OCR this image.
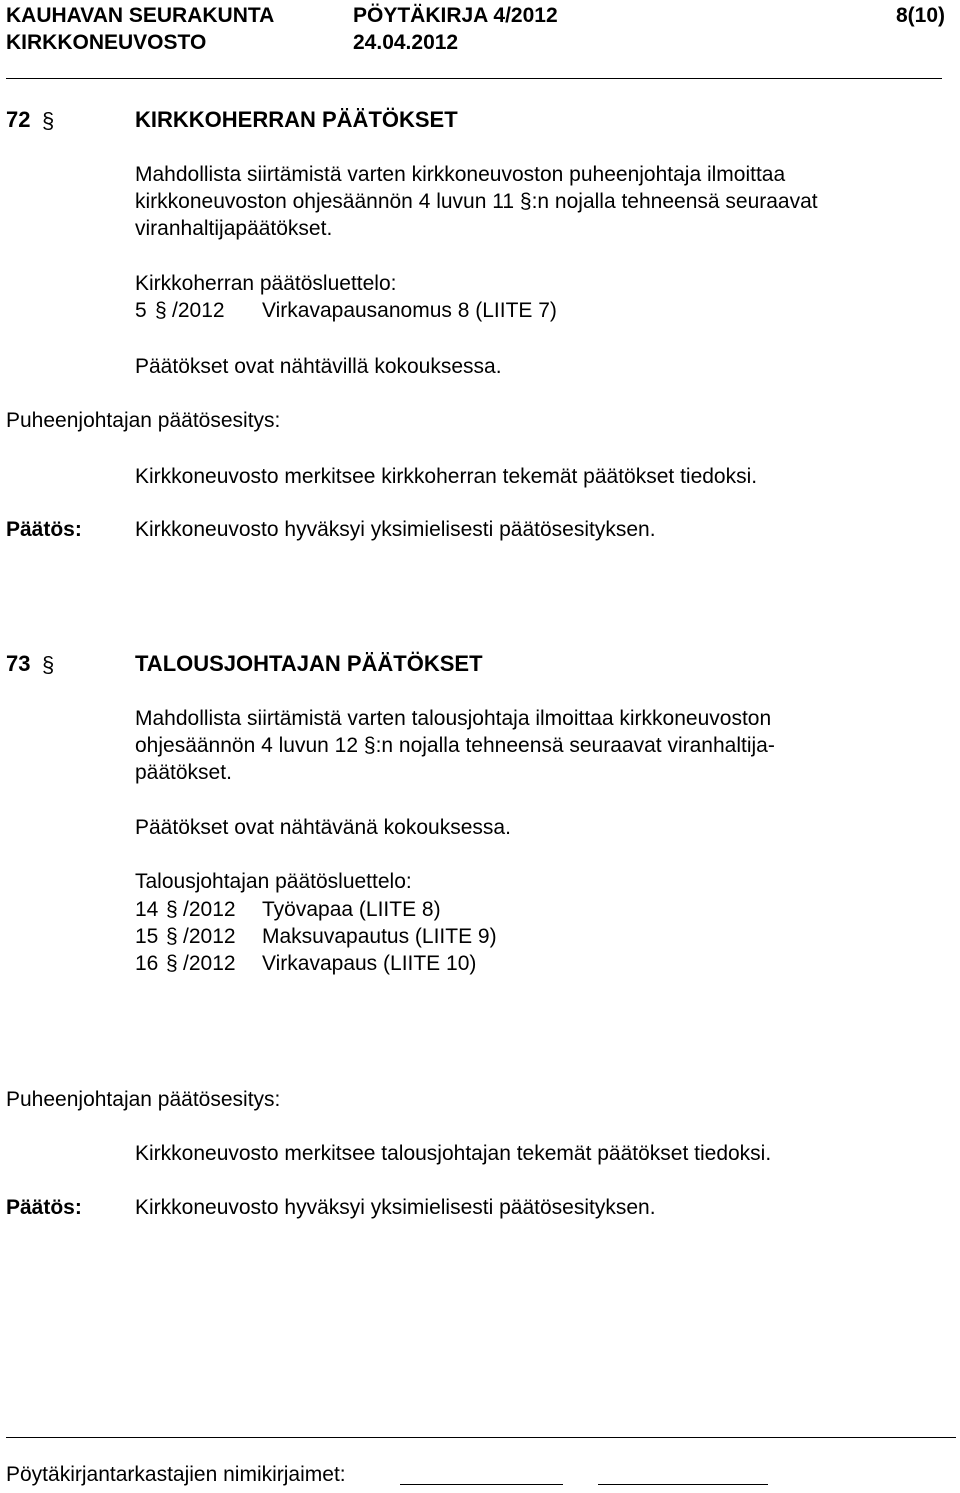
KAUHAVAN SEURAKUNTA	PÖYTÄKIRJA 4/2012	8(10)
KIRKKONEUVOSTO	24.04.2012
72 §	KIRKKOHERRAN PÄÄTÖKSET
Mahdollista siirtämistä varten kirkkoneuvoston puheenjohtaja ilmoittaa
kirkkoneuvoston ohjesäännön 4 luvun 11 §:n nojalla tehneensä seuraavat
viranhaltijapäätökset.
Kirkkoherran päätösluettelo:
5 § /2012 Virkavapausanomus 8 (LIITE 7)
Päätökset ovat nähtävillä kokouksessa.
Puheenjohtajan päätösesitys:
Kirkkoneuvosto merkitsee kirkkoherran tekemät päätökset tiedoksi.
Päätös:	Kirkkoneuvosto hyväksyi yksimielisesti päätösesityksen.
73 §	TALOUSJOHTAJAN PÄÄTÖKSET
Mahdollista siirtämistä varten talousjohtaja ilmoittaa kirkkoneuvoston
ohjesäännön 4 luvun 12 §:n nojalla tehneensä seuraavat viranhaltija-
päätökset.
Päätökset ovat nähtävänä kokouksessa.
Talousjohtajan päätösluettelo:
14 § /2012 Työvapaa (LIITE 8)
15 § /2012 Maksuvapautus (LIITE 9)
16 § /2012 Virkavapaus (LIITE 10)
Puheenjohtajan päätösesitys:
Kirkkoneuvosto merkitsee talousjohtajan tekemät päätökset tiedoksi.
Päätös:	Kirkkoneuvosto hyväksyi yksimielisesti päätösesityksen.
Pöytäkirjantarkastajien nimikirjaimet:
